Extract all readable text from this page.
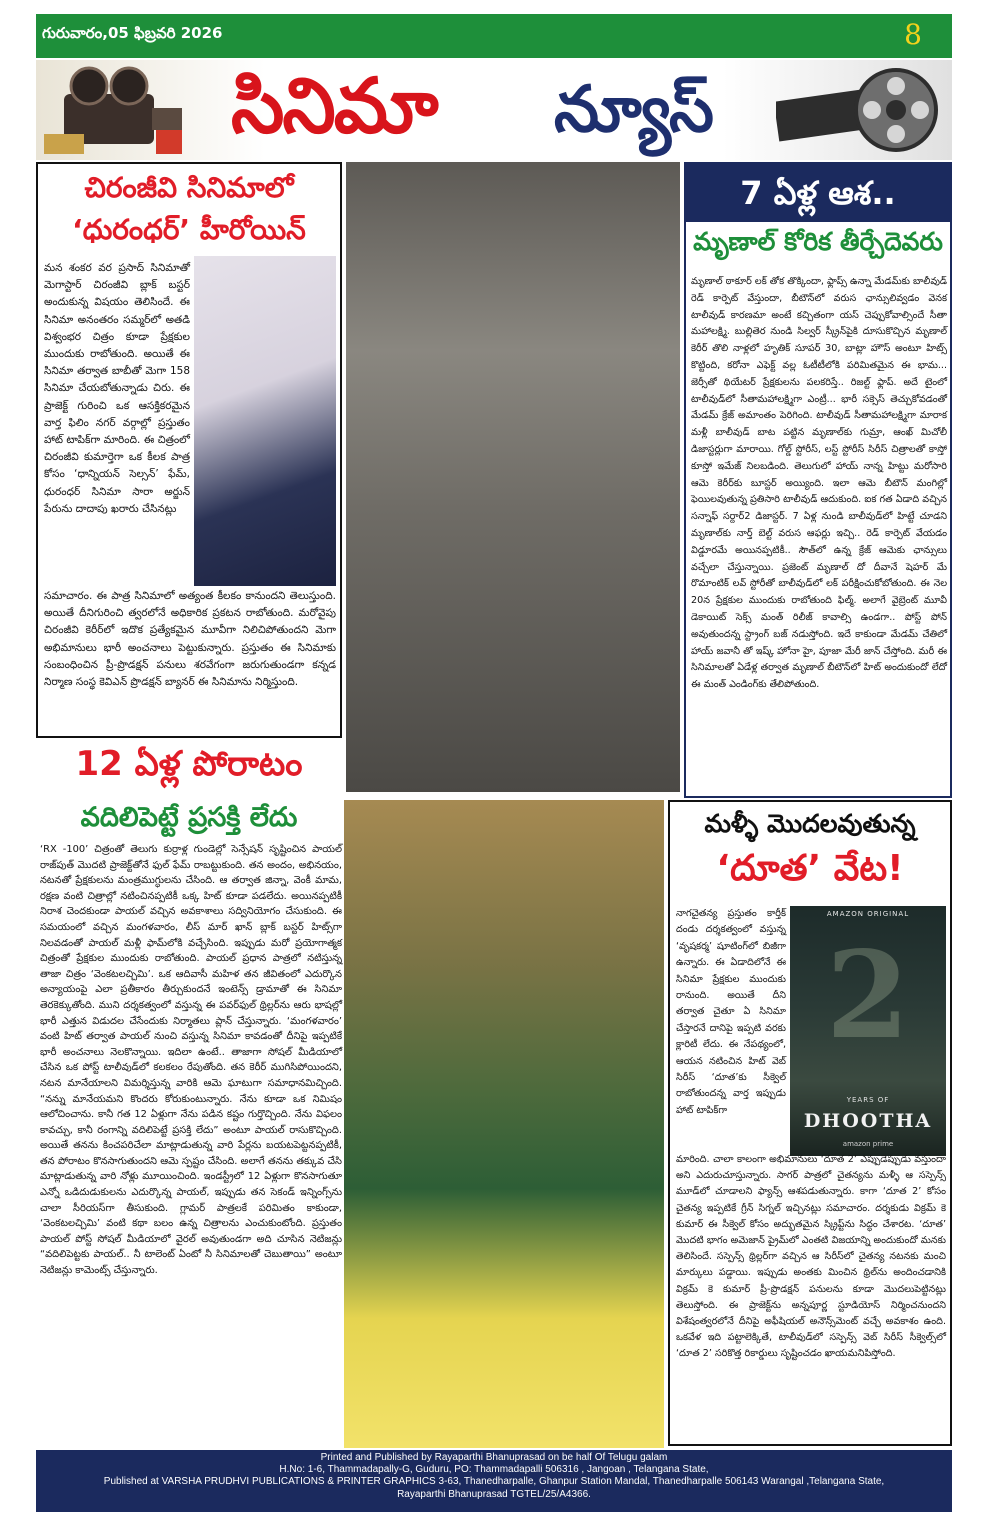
గురువారం,05 ఫిబ్రవరి 2026	8
సినిమా న్యూస్
చిరంజీవి సినిమాలో
‘ధురంధర్’ హీరోయిన్

మన శంకర వర ప్రసాద్ సినిమాతో మెగాస్టార్ చిరంజీవి బ్లాక్ బస్టర్ అందుకున్న విషయం తెలిసిందే. ఈ సినిమా అనంతరం సమ్మర్‌లో అతడి విశ్వంభర చిత్రం కూడా ప్రేక్షకుల ముందుకు రాబోతుంది. అయితే ఈ సినిమా తర్వాత బాబీతో మెగా 158 సినిమా చేయబోతున్నాడు చిరు. ఈ ప్రాజెక్ట్ గురించి ఒక ఆసక్తికరమైన వార్త ఫిలిం నగర్ వర్గాల్లో ప్రస్తుతం హాట్ టాపిక్‌గా మారింది. ఈ చిత్రంలో చిరంజీవి కుమార్తెగా ఒక కీలక పాత్ర కోసం ‘ధాన్నియన్ సెల్సన్’ ఫేమ్, ధురంధర్ సినిమా సారా అర్జున్ పేరును దాదాపు ఖరారు చేసినట్లు

సమాచారం. ఈ పాత్ర సినిమాలో అత్యంత కీలకం కానుందని తెలుస్తుంది. అయితే దీనిగురించి త్వరలోనే అధికారిక ప్రకటన రాబోతుంది. మరోవైపు చిరంజీవి కెరీర్‌లో ఇదొక ప్రత్యేకమైన మూవీగా నిలిచిపోతుందని మెగా అభిమానులు భారీ అంచనాలు పెట్టుకున్నారు. ప్రస్తుతం ఈ సినిమాకు సంబంధించిన ప్రీ-ప్రొడక్షన్ పనులు శరవేగంగా జరుగుతుండగా కన్నడ నిర్మాణ సంస్థ కెవిఎన్ ప్రొడక్షన్ బ్యానర్ ఈ సినిమాను నిర్మిస్తుంది.

7 ఏళ్ల ఆశ..
మృణాల్ కోరిక తీర్చేదెవరు

మృణాల్ ఠాకూర్ లక్ తోక తొక్కిందా, ఫ్లాప్స్ ఉన్నా మేడమ్‌కు బాలీవుడ్ రెడ్ కార్పెట్ వేస్తుందా, బీటౌన్‌లో వరుస ఛాన్సులివ్వడం వెనక టాలీవుడ్ కారణమా అంటే కచ్చితంగా యస్ చెప్పుకోవాల్సిందే సీతా మహాలక్ష్మి. బుల్లితెర నుండి సిల్వర్ స్క్రీన్‌పైకి దూసుకొచ్చిన మృణాల్ కెరీర్ తొలి నాళ్లలో హృతిక్ సూపర్ 30, బాట్లా హౌస్ అంటూ హిట్స్ కొట్టింది, కరోనా ఎఫెక్ట్ వల్ల ఓటీటీలోకి పరిమితమైన ఈ భామ... జెర్సీతో థియేటర్ ప్రేక్షకులను పలకరిస్తే.. రిజల్ట్ ఫ్లాప్. అదే టైంలో టాలీవుడ్‌లో సీతామహాలక్ష్మిగా ఎంట్రీ... భారీ సక్సెస్ తెచ్చుకోవడంతో మేడమ్ క్రేజ్ అమాంతం పెరిగింది. టాలీవుడ్ సీతామహాలక్ష్మిగా మారాక మళ్లీ బాలీవుడ్ బాట పట్టిన మృణాల్‌కు గుమ్రా, ఆంఖ్ మిచోలీ డిజాస్టర్లుగా మారాయి. గోల్డ్ స్టోరీస్, లస్ట్ స్టోరీస్ సిరీస్ చిత్రాలతో కాస్తో కూస్తో ఇమేజ్ నిలబడింది. తెలుగులో హాయ్ నాన్న హిట్టు మరోసారి ఆమె కెరీర్‌కు బూస్టర్ అయ్యింది. ఇలా ఆమె బీటౌన్ మంగిల్లో ఫెయిలవుతున్న ప్రతిసారి టాలీవుడ్ ఆదుకుంది. ఐక గత ఏడాది వచ్చిన సన్నాఫ్ సర్దార్2 డిజాస్టర్. 7 ఏళ్ల నుండి బాలీవుడ్‌లో హిట్టే చూడని మృణాల్‌కు నార్త్ బెల్ట్ వరుస ఆఫర్లు ఇచ్చి.. రెడ్ కార్పెట్ వేయడం విడ్డూరమే అయినప్పటికీ.. సౌత్‌లో ఉన్న క్రేజ్ ఆమెకు ఛాన్సులు వచ్చేలా చేస్తున్నాయి. ప్రజెంట్ మృణాల్ దో దీవానే షెహర్ మే రొమాంటిక్ లవ్ స్టోరీతో బాలీవుడ్‌లో లక్ పరీక్షించుకోబోతుంది. ఈ నెల 20న ప్రేక్షకుల ముందుకు రాబోతుంది ఫిల్మ్. అలాగే వైబ్రెంట్ మూవీ డెకాయిట్ సెక్స్ మంత్ రిలీజ్ కావాల్సి ఉండగా.. పోస్ట్ పోన్ అవుతుందన్న స్ట్రాంగ్ బజ్ నడుస్తోంది. ఇదే కాకుండా మేడమ్ చేతిలో హాయ్ జవానీ తో ఇష్క్ హోనా హై, పూజా మేరీ జాన్ చేస్తోంది. మరీ ఈ సినిమాలతో ఏడేళ్ల తర్వాత మృణాల్ బీటౌన్‌లో హిట్ అందుకుందో లేదో ఈ మంత్ ఎండింగ్‌కు తేలిపోతుంది.

12 ఏళ్ల పోరాటం
వదిలిపెట్టే ప్రసక్తి లేదు

‘RX -100’ చిత్రంతో తెలుగు కుర్రాళ్ల గుండెల్లో సెన్సేషన్ సృష్టించిన పాయల్ రాజ్‌పుత్ మొదటి ప్రాజెక్ట్‌తోనే ఫుల్ ఫేమ్ రాబట్టుకుంది. తన అందం, అభినయం, నటనతో ప్రేక్షకులను మంత్రముగ్ధులను చేసింది. ఆ తర్వాత జిన్నా, వెంకీ మామ, రక్షణ వంటి చిత్రాల్లో నటించినప్పటికీ ఒక్క హిట్ కూడా పడలేదు. అయినప్పటికీ నిరాశ చెందకుండా పాయల్ వచ్చిన అవకాశాలు సద్వినియోగం చేసుకుంది. ఈ సమయంలో వచ్చిన మంగళవారం, లీస్ మార్ ఖాన్ బ్లాక్ బస్టర్ హిట్స్‌గా నిలవడంతో పాయల్ మళ్లీ ఫామ్‌లోకి వచ్చేసింది. ఇప్పుడు మరో ప్రయోగాత్మక చిత్రంతో ప్రేక్షకుల ముందుకు రాబోతుంది. పాయల్ ప్రధాన పాత్రలో నటిస్తున్న తాజా చిత్రం ‘వెంకటలచ్చిమి’. ఒక ఆదివాసీ మహిళ తన జీవితంలో ఎదుర్కొన అన్యాయంపై ఎలా ప్రతీకారం తీర్చుకుందనే ఇంటెన్స్ డ్రామాతో ఈ సినిమా తెరకెక్కుతోంది. ముని దర్శకత్వంలో వస్తున్న ఈ పవర్‌ఫుల్ థ్రిల్లర్‌ను ఆరు భాషల్లో భారీ ఎత్తున విడుదల చేసేందుకు నిర్మాతలు ప్లాన్ చేస్తున్నారు. ‘మంగళవారం’ వంటి హిట్ తర్వాత పాయల్ నుంచి వస్తున్న సినిమా కావడంతో దీనిపై ఇప్పటికే భారీ అంచనాలు నెలకొన్నాయి. ఇదిలా ఉంటే.. తాజాగా సోషల్ మీడియాలో చేసిన ఒక పోస్ట్ టాలీవుడ్‌లో కలకలం రేపుతోంది. తన కెరీర్ ముగిసిపోయిందని, నటన మానేయాలని విమర్శిస్తున్న వారికి ఆమె ఘాటుగా సమాధానమిచ్చింది. “నన్ను మానేయమని కొందరు కోరుకుంటున్నారు. నేను కూడా ఒక నిమిషం ఆలోచించాను. కానీ గత 12 ఏళ్లుగా నేను పడిన కష్టం గుర్తొచ్చింది. నేను విఫలం కావచ్చు, కానీ రంగాన్ని వదిలిపెట్టే ప్రసక్తి లేదు” అంటూ పాయల్ రాసుకొచ్చింది. అయితే తనను కించపరిచేలా మాట్లాడుతున్న వారి పేర్లను బయటపెట్టనప్పటికీ, తన పోరాటం కొనసాగుతుందని ఆమె స్పష్టం చేసింది. అలాగే తనను తక్కువ చేసి మాట్లాడుతున్న వారి నోళ్లు మూయించింది. ఇండస్ట్రీలో 12 ఏళ్లుగా కొనసాగుతూ ఎన్నో ఒడిదుడుకులను ఎదుర్కొన్న పాయల్, ఇప్పుడు తన సెకండ్ ఇన్నింగ్స్‌ను చాలా సీరియస్‌గా తీసుకుంది. గ్లామర్ పాత్రలకే పరిమితం కాకుండా, ‘వెంకటలచ్చిమి’ వంటి కథా బలం ఉన్న చిత్రాలను ఎంచుకుంటోంది. ప్రస్తుతం పాయల్ పోస్ట్ సోషల్ మీడియాలో వైరల్ అవుతుండగా అది చూసిన నెటిజన్లు “వదిలిపెట్టకు పాయల్.. నీ టాలెంట్ ఏంటో నీ సినిమాలతో చెబుతాయి” అంటూ నెటిజన్లు కామెంట్స్ చేస్తున్నారు.

మళ్ళీ మొదలవుతున్న
‘దూత’ వేట!
AMAZON ORIGINAL
2
YEARS OF
DHOOTHA
amazon prime

నాగచైతన్య ప్రస్తుతం కార్తీక్ దండు దర్శకత్వంలో వస్తున్న ‘వృషకర్మ’ షూటింగ్‌లో బిజీగా ఉన్నారు. ఈ ఏడాదిలోనే ఈ సినిమా ప్రేక్షకుల ముందుకు రానుంది. అయితే దీని తర్వాత చైతూ ఏ సినిమా చేస్తారనే దానిపై ఇప్పటి వరకు క్లారిటీ లేదు. ఈ నేపథ్యంలో, ఆయన నటించిన హిట్ వెబ్ సిరీస్ ‘దూత’కు సీక్వెల్ రాబోతుందన్న వార్త ఇప్పుడు హాట్ టాపిక్‌గా

మారింది. చాలా కాలంగా అభిమానులు ‘దూత 2’ ఎప్పుడెప్పుడు వస్తుందా అని ఎదురుచూస్తున్నారు. సాగర్ పాత్రలో చైతన్యను మళ్ళీ ఆ సస్పెన్స్ మూడ్‌లో చూడాలని ఫ్యాన్స్ ఆశపడుతున్నారు. కాగా ‘దూత 2’ కోసం చైతన్య ఇప్పటికే గ్రీన్ సిగ్నల్ ఇచ్చినట్లు సమాచారం. దర్శకుడు విక్రమ్ కె కుమార్ ఈ సీక్వెల్ కోసం అద్భుతమైన స్క్రిప్ట్‌ను సిద్ధం చేశారట. ‘దూత’ మొదటి భాగం అమెజాన్ ప్రైమ్‌లో ఎంతటి విజయాన్ని అందుకుందో మనకు తెలిసిందే. సస్పెన్స్ థ్రిల్లర్‌గా వచ్చిన ఆ సిరీస్‌లో చైతన్య నటనకు మంచి మార్కులు పడ్డాయి. ఇప్పుడు అంతకు మించిన థ్రిల్‌ను అందించడానికి విక్రమ్ కె కుమార్ ప్రీ-ప్రొడక్షన్ పనులను కూడా మొదలుపెట్టినట్లు తెలుస్తోంది. ఈ ప్రాజెక్ట్‌ను అన్నపూర్ణ స్టూడియోస్ నిర్మించనుందని విశేషంత్వరలోనే దీనిపై అఫీషియల్ అనౌన్స్‌మెంట్ వచ్చే అవకాశం ఉంది. ఒకవేళ ఇది పట్టాలెక్కితే, టాలీవుడ్‌లో సస్పెన్స్ వెబ్ సిరీస్ సీక్వెల్స్‌లో ‘దూత 2’ సరికొత్త రికార్డులు సృష్టించడం ఖాయమనిపిస్తోంది.

Printed and Published by Rayaparthi Bhanuprasad on be half Of Telugu galam
H.No: 1-6, Thammadapally-G, Guduru, PO: Thammadapalli 506316 , Jangoan , Telangana State,
Published at VARSHA PRUDHVI PUBLICATIONS & PRINTER GRAPHICS 3-63, Thanedharpalle, Ghanpur Station Mandal, Thanedharpalle 506143 Warangal ,Telangana State,
Rayaparthi Bhanuprasad TGTEL/25/A4366.
